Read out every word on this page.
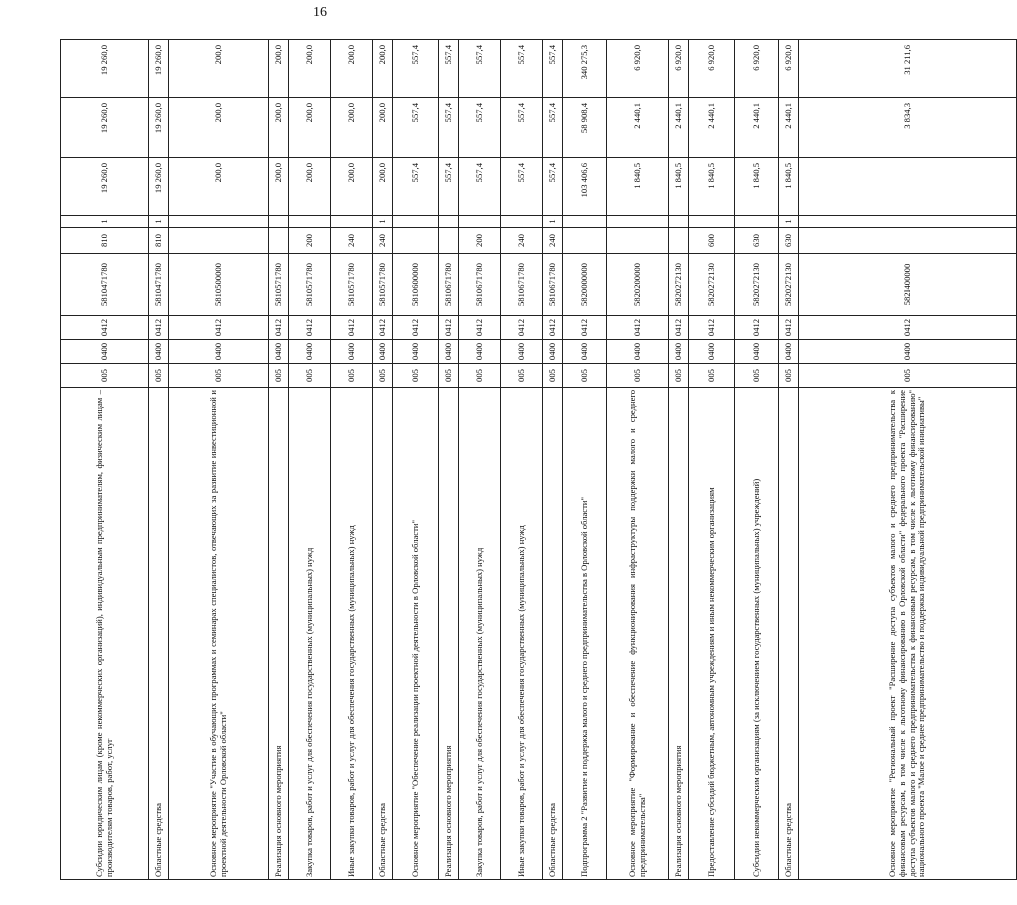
16
Субсидии юридическим лицам (кроме некоммерческих организаций), индивидуальным предпринимателям, физическим лицам – производителям товаров, работ, услуг	005	0400	0412	5810471780	810	1	19 260,0	19 260,0	19 260,0
Областные средства	005	0400	0412	5810471780	810	1	19 260,0	19 260,0	19 260,0
Основное мероприятие "Участие в обучающих программах и семинарах специалистов, отвечающих за развитие инвестиционной и проектной деятельности Орловской области"	005	0400	0412	5810500000			200,0	200,0	200,0
Реализация основного мероприятия	005	0400	0412	5810571780			200,0	200,0	200,0
Закупка товаров, работ и услуг для обеспечения государственных (муниципальных) нужд	005	0400	0412	5810571780	200		200,0	200,0	200,0
Иные закупки товаров, работ и услуг для обеспечения государственных (муниципальных) нужд	005	0400	0412	5810571780	240		200,0	200,0	200,0
Областные средства	005	0400	0412	5810571780	240	1	200,0	200,0	200,0
Основное мероприятие "Обеспечение реализации проектной деятельности в Орловской области"	005	0400	0412	5810600000			557,4	557,4	557,4
Реализация основного мероприятия	005	0400	0412	5810671780			557,4	557,4	557,4
Закупка товаров, работ и услуг для обеспечения государственных (муниципальных) нужд	005	0400	0412	5810671780	200		557,4	557,4	557,4
Иные закупки товаров, работ и услуг для обеспечения государственных (муниципальных) нужд	005	0400	0412	5810671780	240		557,4	557,4	557,4
Областные средства	005	0400	0412	5810671780	240	1	557,4	557,4	557,4
Подпрограмма 2 "Развитие и поддержка малого и среднего предпринимательства в Орловской области"	005	0400	0412	5820000000			103 406,6	58 908,4	340 275,3
Основное мероприятие "Формирование и обеспечение функционирования инфраструктуры поддержки малого и среднего предпринимательства"	005	0400	0412	5820200000			1 840,5	2 440,1	6 920,0
Реализация основного мероприятия	005	0400	0412	5820272130			1 840,5	2 440,1	6 920,0
Предоставление субсидий бюджетным, автономным учреждениям и иным некоммерческим организациям	005	0400	0412	5820272130	600		1 840,5	2 440,1	6 920,0
Субсидии некоммерческим организациям (за исключением государственных (муниципальных) учреждений)	005	0400	0412	5820272130	630		1 840,5	2 440,1	6 920,0
Областные средства	005	0400	0412	5820272130	630	1	1 840,5	2 440,1	6 920,0
Основное мероприятие "Региональный проект "Расширение доступа субъектов малого и среднего предпринимательства к финансовым ресурсам, в том числе к льготному финансированию в Орловской области" федерального проекта "Расширение доступа субъектов малого и среднего предпринимательства к финансовым ресурсам, в том числе к льготному финансированию" национального проекта "Малое и среднее предпринимательство и поддержка индивидуальной предпринимательской инициативы"	005	0400	0412	582I400000				3 834,3	31 211,6
